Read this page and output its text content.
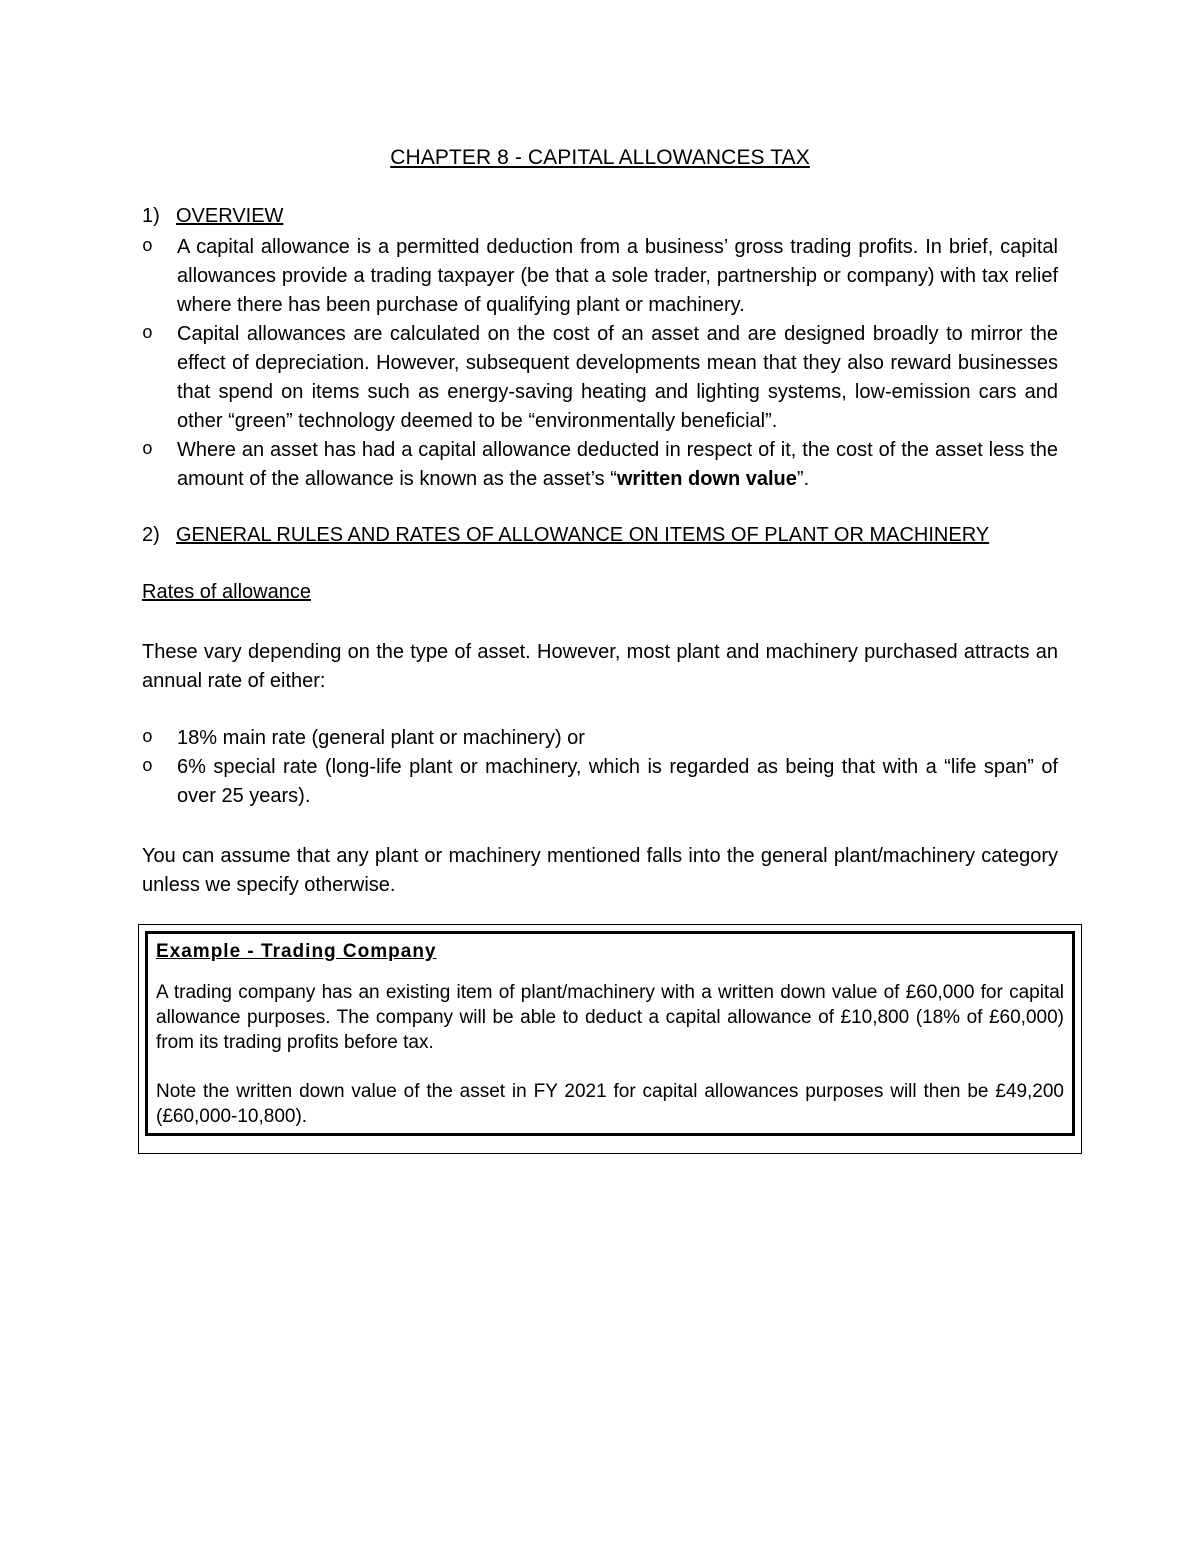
CHAPTER 8 - CAPITAL ALLOWANCES TAX
1) OVERVIEW
o A capital allowance is a permitted deduction from a business’ gross trading profits. In brief, capital allowances provide a trading taxpayer (be that a sole trader, partnership or company) with tax relief where there has been purchase of qualifying plant or machinery.
o Capital allowances are calculated on the cost of an asset and are designed broadly to mirror the effect of depreciation. However, subsequent developments mean that they also reward businesses that spend on items such as energy-saving heating and lighting systems, low-emission cars and other “green” technology deemed to be “environmentally beneficial”.
o Where an asset has had a capital allowance deducted in respect of it, the cost of the asset less the amount of the allowance is known as the asset’s “written down value”.
2) GENERAL RULES AND RATES OF ALLOWANCE ON ITEMS OF PLANT OR MACHINERY
Rates of allowance

These vary depending on the type of asset. However, most plant and machinery purchased attracts an annual rate of either:

o 18% main rate (general plant or machinery) or
o 6% special rate (long-life plant or machinery, which is regarded as being that with a “life span” of over 25 years).

You can assume that any plant or machinery mentioned falls into the general plant/machinery category unless we specify otherwise.

Example - Trading Company

A trading company has an existing item of plant/machinery with a written down value of £60,000 for capital allowance purposes. The company will be able to deduct a capital allowance of £10,800 (18% of £60,000) from its trading profits before tax.

Note the written down value of the asset in FY 2021 for capital allowances purposes will then be £49,200 (£60,000-10,800).
